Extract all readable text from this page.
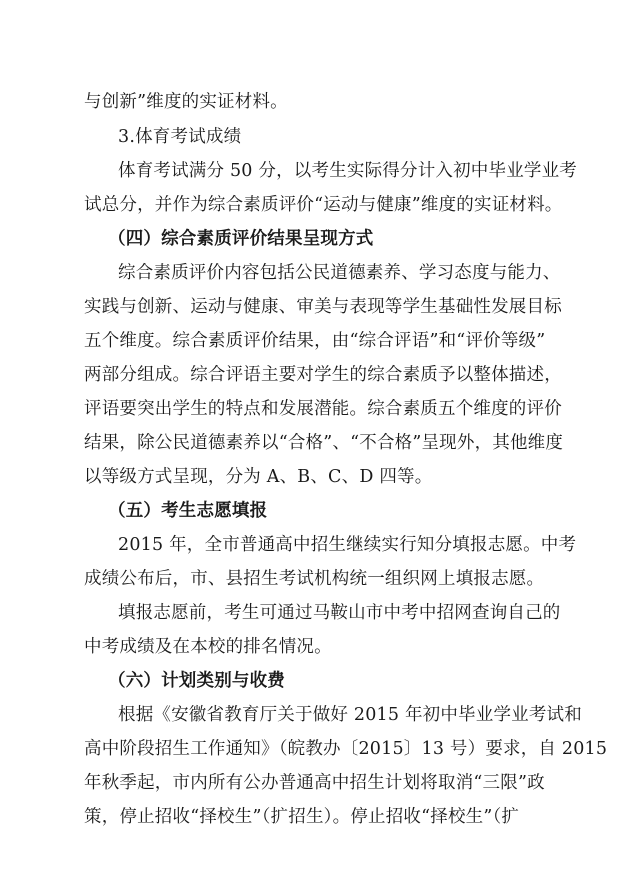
与创新”维度的实证材料。
3.体育考试成绩
体育考试满分 50 分，以考生实际得分计入初中毕业学业考
试总分，并作为综合素质评价“运动与健康”维度的实证材料。
（四）综合素质评价结果呈现方式
综合素质评价内容包括公民道德素养、学习态度与能力、
实践与创新、运动与健康、审美与表现等学生基础性发展目标
五个维度。综合素质评价结果，由“综合评语”和“评价等级”
两部分组成。综合评语主要对学生的综合素质予以整体描述，
评语要突出学生的特点和发展潜能。综合素质五个维度的评价
结果，除公民道德素养以“合格”、“不合格”呈现外，其他维度
以等级方式呈现，分为 A、B、C、D 四等。
（五）考生志愿填报
2015 年，全市普通高中招生继续实行知分填报志愿。中考
成绩公布后，市、县招生考试机构统一组织网上填报志愿。
填报志愿前，考生可通过马鞍山市中考中招网查询自己的
中考成绩及在本校的排名情况。
（六）计划类别与收费
根据《安徽省教育厅关于做好 2015 年初中毕业学业考试和
高中阶段招生工作通知》（皖教办〔2015〕13 号）要求，自 2015
年秋季起，市内所有公办普通高中招生计划将取消“三限”政
策，停止招收“择校生”（扩招生）。停止招收“择校生”（扩
